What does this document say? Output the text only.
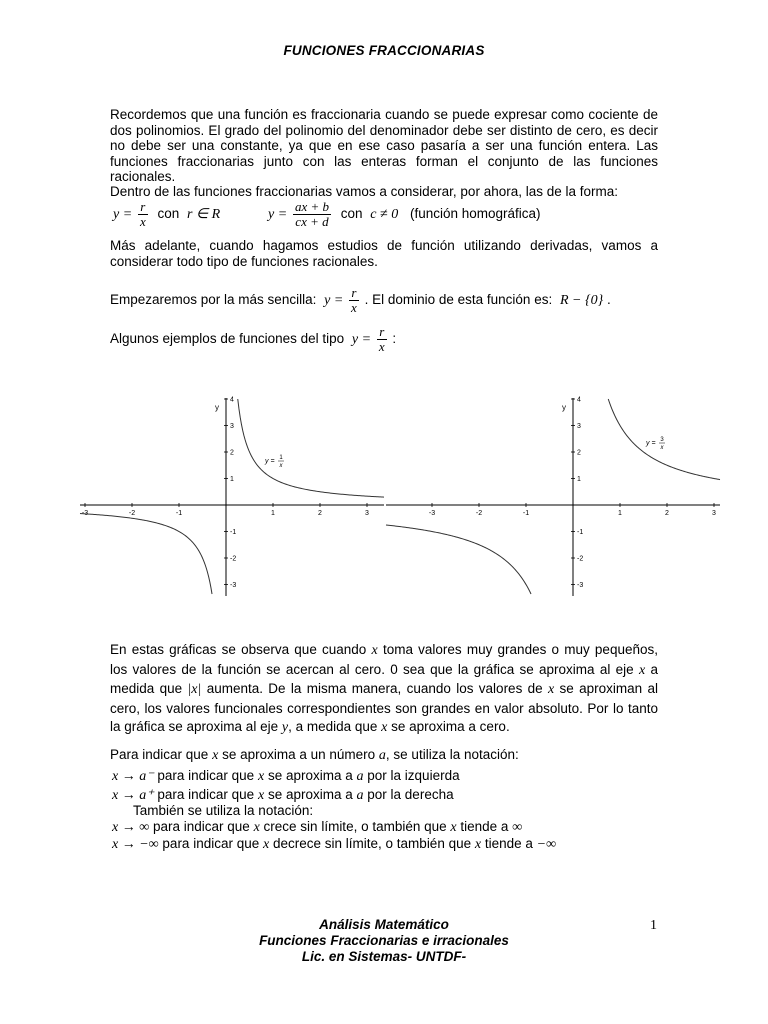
FUNCIONES FRACCIONARIAS
Recordemos que una función es fraccionaria cuando se puede expresar como cociente de dos polinomios. El grado del polinomio del denominador debe ser distinto de cero, es decir no debe ser una constante, ya que en ese caso pasaría a ser una función entera. Las funciones fraccionarias junto con las enteras forman el conjunto de las funciones racionales.
Dentro de las funciones fraccionarias vamos a considerar, por ahora, las de la forma:
$y = \frac{r}{x}$ con r ∈ R	$y = \frac{ax + b}{cx + d}$ con c ≠ 0 (función homográfica)
Más adelante, cuando hagamos estudios de función utilizando derivadas, vamos a considerar todo tipo de funciones racionales.
Empezaremos por la más sencilla: $y = \frac{r}{x}$ . El dominio de esta función es: R − {0} .
Algunos ejemplos de funciones del tipo $y = \frac{r}{x}$ :
-3	-2	-1	1	2	3
4
3
2
1
-1
-2
-3
y
y = 1
x
-3	-2	-1	1	2	3
4
3
2
1
-1
-2
-3
y
y = 3
x
En estas gráficas se observa que cuando x toma valores muy grandes o muy pequeños, los valores de la función se acercan al cero. 0 sea que la gráfica se aproxima al eje x a medida que |x| aumenta. De la misma manera, cuando los valores de x se aproximan al cero, los valores funcionales correspondientes son grandes en valor absoluto. Por lo tanto la gráfica se aproxima al eje y, a medida que x se aproxima a cero.
Para indicar que x se aproxima a un número a, se utiliza la notación:
x → a⁻ para indicar que x se aproxima a a por la izquierda
x → a⁺ para indicar que x se aproxima a a por la derecha
También se utiliza la notación:
x → ∞ para indicar que x crece sin límite, o también que x tiende a ∞
x → −∞ para indicar que x decrece sin límite, o también que x tiende a −∞
Análisis Matemático
Funciones Fraccionarias e irracionales
Lic. en Sistemas- UNTDF-
1
